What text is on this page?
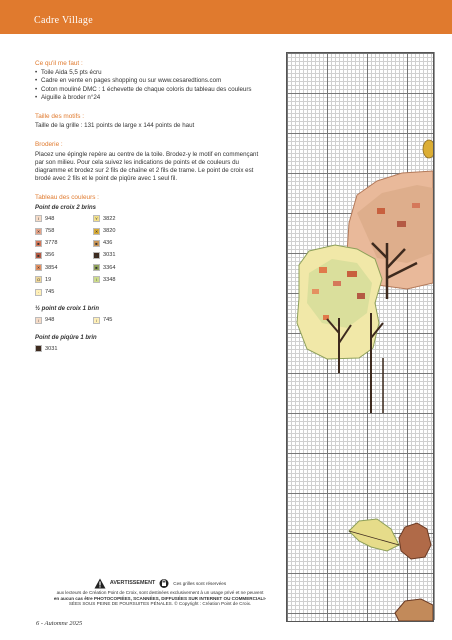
Cadre Village
Ce qu'il me faut :
• Toile Aida 5,5 pts écru
• Cadre en vente en pages shopping ou sur www.cesaredtions.com
• Coton mouliné DMC : 1 échevette de chaque coloris du tableau des couleurs
• Aiguille à broder n°24
Taille des motifs :
Taille de la grille : 131 points de large x 144 points de haut
Broderie :
Placez une épingle repère au centre de la toile. Brodez-y le motif en commençant par son milieu. Pour cela suivez les indications de points et de couleurs du diagramme et brodez sur 2 fils de chaîne et 2 fils de trame. Le point de croix est brodé avec 2 fils et le point de piqûre avec 1 seul fil.
Tableau des couleurs :
Point de croix 2 brins
I	948	Y 3822
✕ 758	✕ 3820
■ 3778	■ 436
■ 356	■ 3031
✕ 3854	■ 3364
O 19	\	3348
·	745
½ point de croix 1 brin
/	948	/	745
Point de piqûre 1 brin
— 3031
AVERTISSEMENT	Ces grilles sont réservées
aux lecteurs de Création Point de Croix, sont destinées exclusivement à un usage privé et ne peuvent
en aucun cas être PHOTOCOPIÉES, SCANNÉES, DIFFUSÉES SUR INTERNET OU COMMERCIALI-
SÉES SOUS PEINE DE POURSUITES PÉNALES. © Copyright : Création Point de Croix.
6 - Automne 2025
